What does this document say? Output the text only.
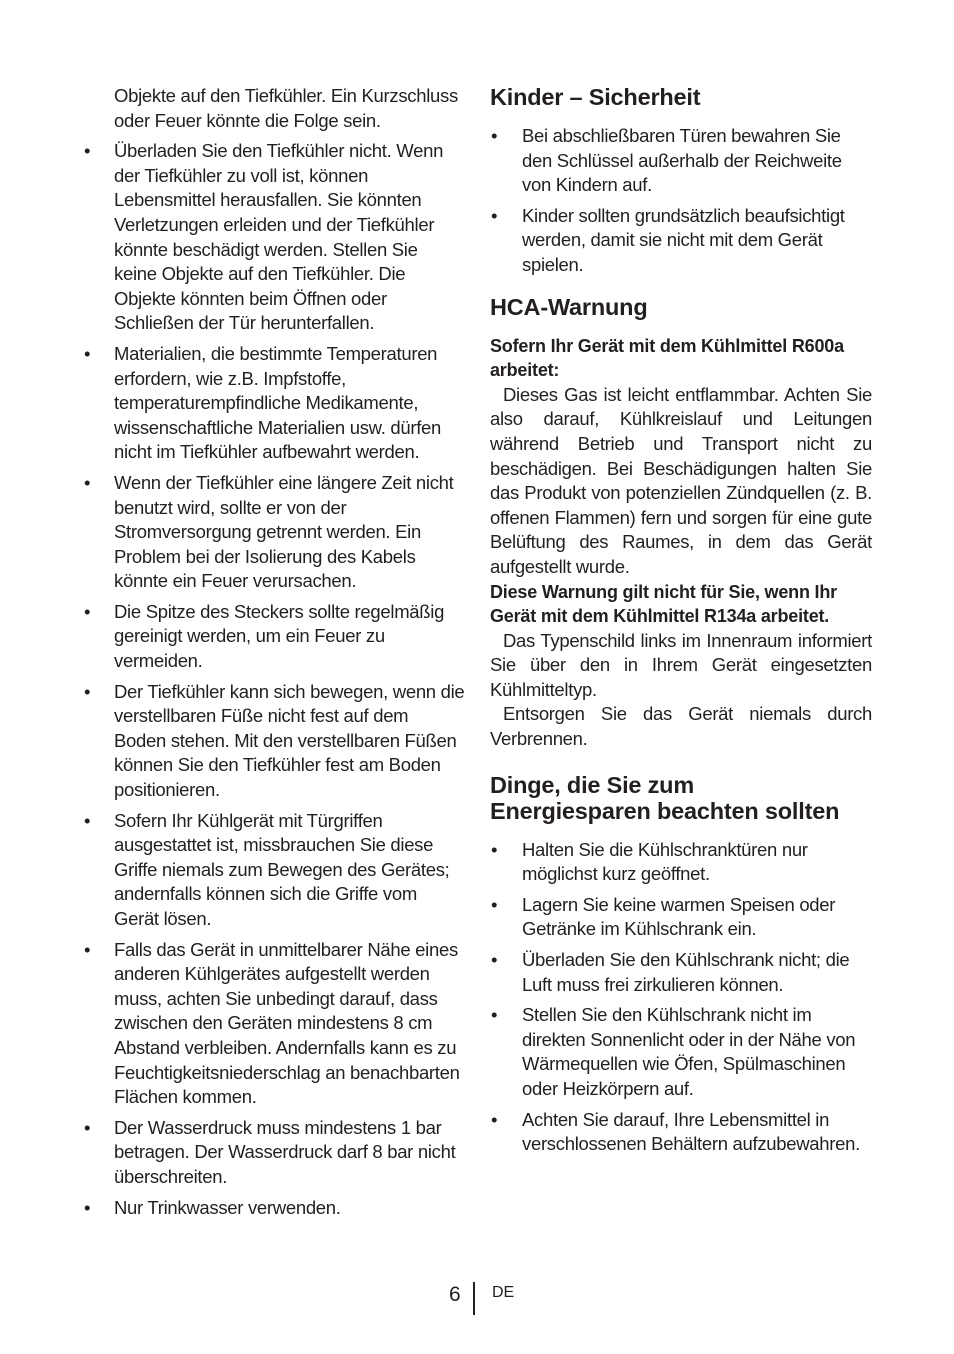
Objekte auf den Tiefkühler. Ein Kurzschluss oder Feuer könnte die Folge sein.

• Überladen Sie den Tiefkühler nicht. Wenn der Tiefkühler zu voll ist, können Lebensmittel herausfallen. Sie könnten Verletzungen erleiden und der Tiefkühler könnte beschädigt werden. Stellen Sie keine Objekte auf den Tiefkühler. Die Objekte könnten beim Öffnen oder Schließen der Tür herunterfallen.
• Materialien, die bestimmte Temperaturen erfordern, wie z.B. Impfstoffe, temperaturempfindliche Medikamente, wissenschaftliche Materialien usw. dürfen nicht im Tiefkühler aufbewahrt werden.
• Wenn der Tiefkühler eine längere Zeit nicht benutzt wird, sollte er von der Stromversorgung getrennt werden. Ein Problem bei der Isolierung des Kabels könnte ein Feuer verursachen.
• Die Spitze des Steckers sollte regelmäßig gereinigt werden, um ein Feuer zu vermeiden.
• Der Tiefkühler kann sich bewegen, wenn die verstellbaren Füße nicht fest auf dem Boden stehen. Mit den verstellbaren Füßen können Sie den Tiefkühler fest am Boden positionieren.
• Sofern Ihr Kühlgerät mit Türgriffen ausgestattet ist, missbrauchen Sie diese Griffe niemals zum Bewegen des Gerätes; andernfalls können sich die Griffe vom Gerät lösen.
• Falls das Gerät in unmittelbarer Nähe eines anderen Kühlgerätes aufgestellt werden muss, achten Sie unbedingt darauf, dass zwischen den Geräten mindestens 8 cm Abstand verbleiben. Andernfalls kann es zu Feuchtigkeitsniederschlag an benachbarten Flächen kommen.
• Der Wasserdruck muss mindestens 1 bar betragen. Der Wasserdruck darf 8 bar nicht überschreiten.
• Nur Trinkwasser verwenden.
Kinder – Sicherheit
• Bei abschließbaren Türen bewahren Sie den Schlüssel außerhalb der Reichweite von Kindern auf.
• Kinder sollten grundsätzlich beaufsichtigt werden, damit sie nicht mit dem Gerät spielen.
HCA-Warnung

Sofern Ihr Gerät mit dem Kühlmittel R600a arbeitet:

Dieses Gas ist leicht entflammbar. Achten Sie also darauf, Kühlkreislauf und Leitungen während Betrieb und Transport nicht zu beschädigen. Bei Beschädigungen halten Sie das Produkt von potenziellen Zündquellen (z. B. offenen Flammen) fern und sorgen für eine gute Belüftung des Raumes, in dem das Gerät aufgestellt wurde.

Diese Warnung gilt nicht für Sie, wenn Ihr Gerät mit dem Kühlmittel R134a arbeitet.

Das Typenschild links im Innenraum informiert Sie über den in Ihrem Gerät eingesetzten Kühlmitteltyp.

Entsorgen Sie das Gerät niemals durch Verbrennen.

Dinge, die Sie zum
Energiesparen beachten sollten
• Halten Sie die Kühlschranktüren nur möglichst kurz geöffnet.
• Lagern Sie keine warmen Speisen oder Getränke im Kühlschrank ein.
• Überladen Sie den Kühlschrank nicht; die Luft muss frei zirkulieren können.
• Stellen Sie den Kühlschrank nicht im direkten Sonnenlicht oder in der Nähe von Wärmequellen wie Öfen, Spülmaschinen oder Heizkörpern auf.
• Achten Sie darauf, Ihre Lebensmittel in verschlossenen Behältern aufzubewahren.
6 DE
